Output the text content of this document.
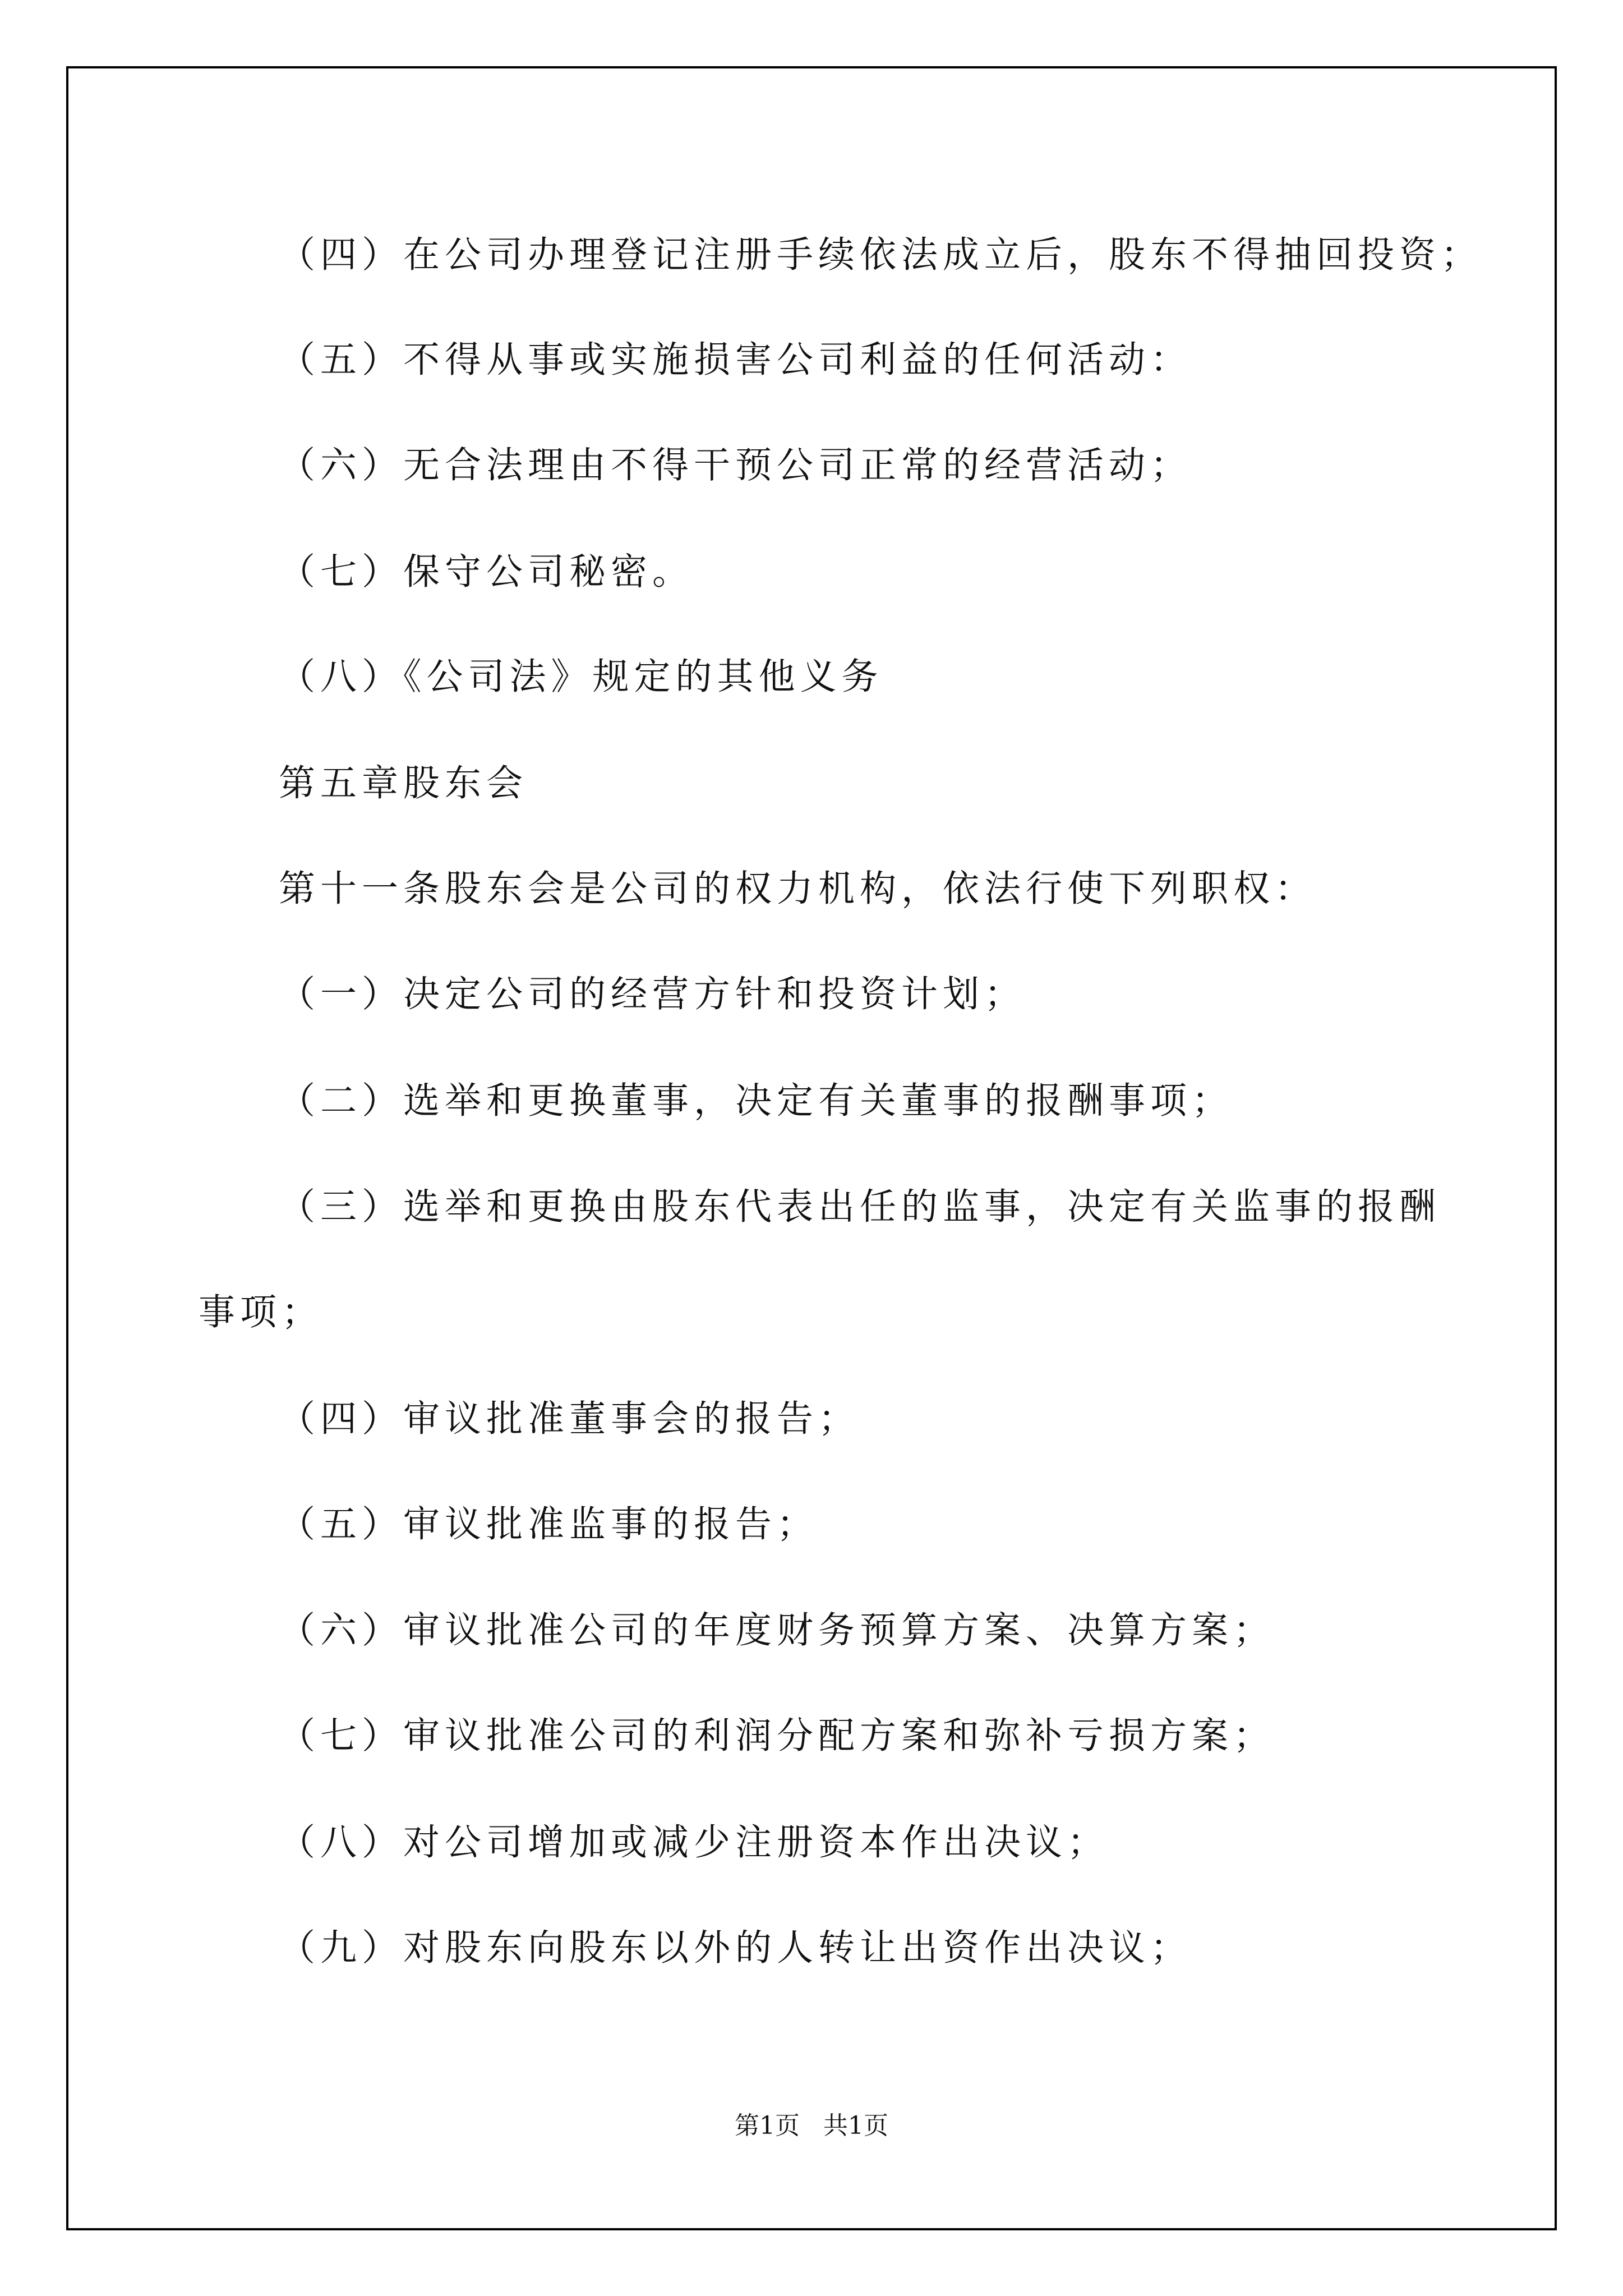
（四）在公司办理登记注册手续依法成立后，股东不得抽回投资；
（五）不得从事或实施损害公司利益的任何活动：
（六）无合法理由不得干预公司正常的经营活动；
（七）保守公司秘密。
（八）《公司法》规定的其他义务
第五章股东会
第十一条股东会是公司的权力机构，依法行使下列职权：
（一）决定公司的经营方针和投资计划；
（二）选举和更换董事，决定有关董事的报酬事项；
（三）选举和更换由股东代表出任的监事，决定有关监事的报酬
事项；
（四）审议批准董事会的报告；
（五）审议批准监事的报告；
（六）审议批准公司的年度财务预算方案、决算方案；
（七）审议批准公司的利润分配方案和弥补亏损方案；
（八）对公司增加或减少注册资本作出决议；
（九）对股东向股东以外的人转让出资作出决议；
第1页 共1页
